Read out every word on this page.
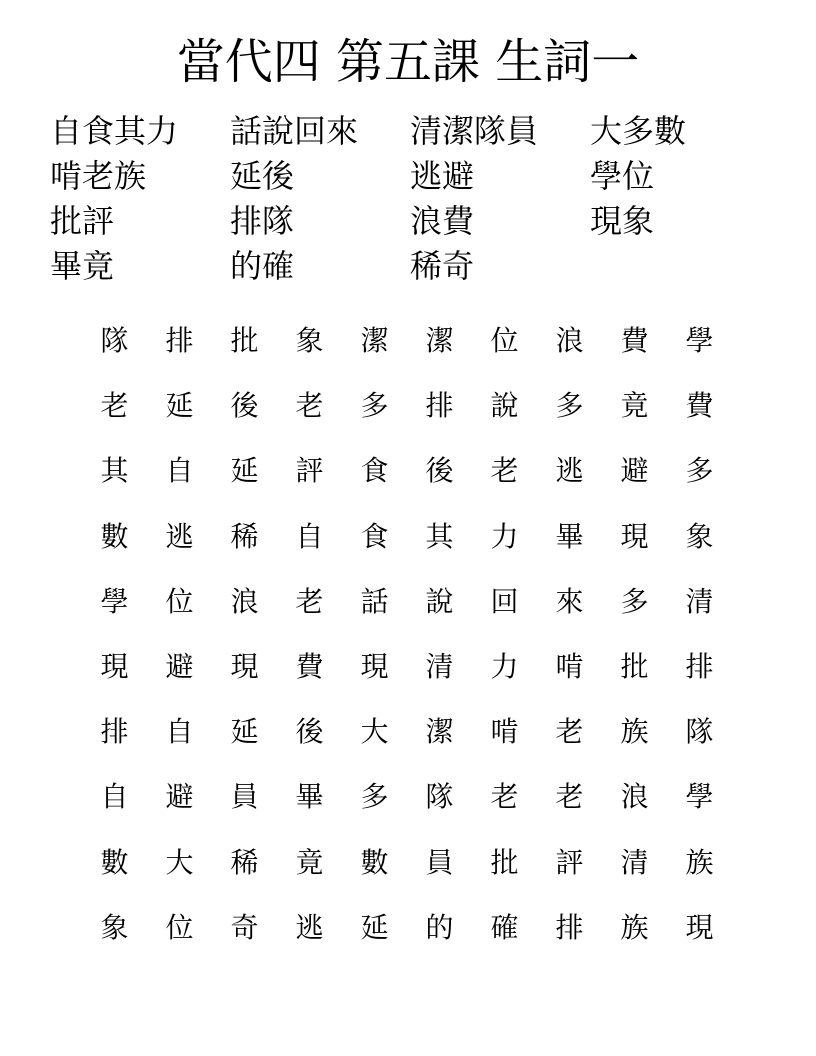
當代四 第五課 生詞一
自食其力	話說回來	清潔隊員	大多數
啃老族	延後	逃避	學位
批評	排隊	浪費	現象
畢竟	的確	稀奇
隊	排	批	象	潔	潔	位	浪	費	學
老	延	後	老	多	排	說	多	竟	費
其	自	延	評	食	後	老	逃	避	多
數	逃	稀	自	食	其	力	畢	現	象
學	位	浪	老	話	說	回	來	多	清
現	避	現	費	現	清	力	啃	批	排
排	自	延	後	大	潔	啃	老	族	隊
自	避	員	畢	多	隊	老	老	浪	學
數	大	稀	竟	數	員	批	評	清	族
象	位	奇	逃	延	的	確	排	族	現
